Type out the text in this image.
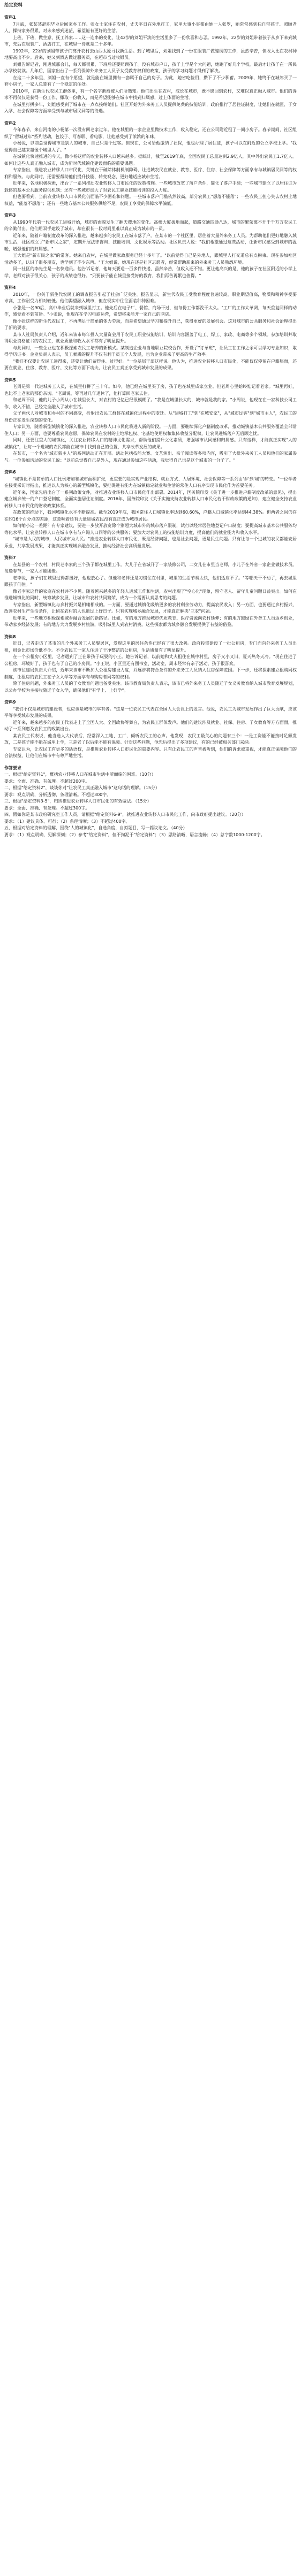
给定资料
资料1

7月底，张某某辞职毕业后回家乡工作。张女士家住在农村，丈夫平日在外地打工，家里大事小事都由她一人张罗，她常常感到独自带孩子、照顾老人、操持家务很累，对未来感到迷茫，希望能有更好的生活。

上班，下班，做生意，抚工养家……这一连串的变化，让42岁的刘姐平淡的生活里多了一份欣喜和忐忑。1992年，22岁的刘姐带着孩子从乡下来到城市，先后在服装厂、酒店打工，在城里一待就是二十多年。

1992年，22岁的刘姐带孩子们离开农村去山西太原寻找新生活。到了城里后，刘姐找到了一份在服装厂做缝纫的工作，虽然辛苦，但收入比在农村种地要高出不少。后来，她又到酒店做过服务员，在超市当过收银员。

刘姐告诉记者，刚进城那会儿，每天都很累，下班后还要照顾孩子。没有城市户口，孩子上学是个大问题，她跑了好几个学校，最后才让孩子在一所民办学校就读。几年后，国家出台了一系列保障外来务工人员子女受教育权利的政策，孩子的学习问题才得到了解决。

在这二十多年里，刘姐一直有个愿望，就是能在城里拥有一套属于自己的房子。为此，她省吃俭用，攒下了不少积蓄。2009年，她终于在城郊买了一套小房子，一家人总算有了一个稳定的住处。

2010年，在新生代农民工群体里，有一个名字渐渐被人们所熟知。他们出生在农村，成长在城市，既不愿回到农村，又难以真正融入城市。他们的诉求不再仅仅是获得一份工作、赚取一份收入，而是希望能够在城市中找到归属感，过上体面的生活。

在城里打拼多年，刘姐感受到了城市在一点点接纳她们。社区开始为外来务工人员提供免费的技能培训，政府推行了居住证制度，让她们在就医、子女入学、社会保障等方面享受到与城市居民同等的待遇。

资料2

今年春节，来自河南的小杨第一次没有回老家过年。他在城里的一家企业里做技术工作，收入稳定，还在公司附近租了一间小房子。春节期间，社区组织了"留城过年"系列活动，包饺子、写春联、看电影，让他感受到了浓浓的年味。

小杨说，以前总觉得城市是别人的城市，自己只是个过客。但现在，公司给他缴纳了社保，他也办理了居住证，孩子可以在附近的公立学校上学。"我觉得自己越来越像个城里人了。"

在城镇化快速推进的今天，像小杨这样的农业转移人口越来越多。据统计，截至2019年底，全国农民工总量达到2.9亿人，其中外出农民工1.7亿人。如何让这些人真正融入城市，成为新时代城镇化建设面临的重要课题。

专家指出，推进农业转移人口市民化，关键在于破除体制机制障碍，让进城农民在就业、教育、医疗、住房、社会保障等方面享有与城镇居民同等的权利和服务。与此同时，还需要帮助他们提升技能、转变观念，更好地适应城市生活。

近年来，各地积极探索，出台了一系列推动农业转移人口市民化的政策措施。一些城市放宽了落户条件，简化了落户手续；一些城市建立了以居住证为载体的基本公共服务提供机制；还有一些城市加大了对农民工职业技能培训的投入力度。

但也要看到，当前农业转移人口市民化仍面临不少困难和问题。一些城市落户门槛依然较高，部分农民工"想落不能落"；一些农民工担心失去农村土地权益，"能落不想落"；还有一些地方基本公共服务供给不足，农民工享受的保障水平偏低。

资料3

从1990年代第一代农民工进城开始，城市的面貌发生了翻天覆地的变化。高楼大厦拔地而起，道路交通四通八达，城市的繁荣离不开千千万万农民工的辛勤付出。他们用双手建设了城市，却在很长一段时间里难以真正成为城市的一员。

近年来，随着户籍制度改革的深入推进，越来越多的农民工在城市落了户。在某市的一个社区里，居住着大量外来务工人员。为帮助他们更好地融入城市生活，社区成立了"新市民之家"，定期开展法律咨询、技能培训、文化娱乐等活动。社区负责人说："我们希望通过这些活动，让新市民感受到城市的温暖，增强他们的归属感。"

王大姐是"新市民之家"的常客。她来自农村，在城里做家政服务已经十多年了。"以前觉得自己是外地人，跟城里人打交道总有点拘束。现在参加社区活动多了，认识了很多朋友，也学到了不少东西。"王大姐说，她现在还是社区志愿者，经常帮助新来的外来务工人员熟悉环境。

同一社区的李先生是一名快递员。他告诉记者，他每天要送一百多件快递，虽然辛苦，但收入还不错。更让他高兴的是，他的孩子在社区附近的小学上学，老师对孩子很关心，孩子的成绩也很好。"只要孩子能在城里接受好的教育，我们再苦再累也值得。"

资料4

2010年，一份关于新生代农民工的调查报告引起了社会广泛关注。报告显示，新生代农民工受教育程度普遍较高，职业期望值高，物质和精神享受要求高，工作耐受力相对较低。他们渴望融入城市，但在现实中往往面临种种困难。

小张是一名90后，高中毕业后就来到城里打工。他先后在电子厂、餐馆、商场干过，但每份工作都没干太久。"工厂的工作太单调，每天重复同样的动作，感觉看不到前途。"小张说，他现在在学习电商运营，希望将来能开一家自己的网店。

像小张这样的新生代农民工，不再满足于简单的体力劳动，而是希望通过学习和提升自己，获得更好的发展机会。这对城市的公共服务和社会治理提出了新的要求。

某市人社局负责人介绍，近年来该市每年投入大量资金用于农民工职业技能培训，培训内容涵盖了电工、焊工、家政、电商等多个领域。参加培训并取得职业资格证书的农民工，就业质量和收入水平都有了明显提升。

与此同时，一些企业也在积极探索农民工培养的新模式。某制造企业与当地职业院校合作，开设了"订单班"，让员工在工作之余可以学习专业知识，取得学历证书。企业负责人表示，员工素质的提升不仅有利于员工个人发展，也为企业带来了更高的生产效率。

"我们不仅要让农民工进得来，还要让他们留得住、过得好。"一位基层干部这样说。他认为，推进农业转移人口市民化，不能仅仅停留在户籍层面，还要在就业、住房、教育、医疗、文化等方面下功夫，让农民工真正享受到城市发展的成果。

资料5

老周是第一代进城务工人员，在城里打拼了三十年。如今，他已经在城里买了房，孩子也在城里成家立业。但老周心里始终惦记着老家。"城里再好，也比不上老家的那份亲切。"老周说，等再过几年退休了，他打算回老家去住。

和老周不同，他的儿子小周从小在城里长大，对农村的记忆已经很模糊了。"我是在城里长大的，城市就是我的家。"小周说，他现在在一家科技公司工作，收入不错，已经完全融入了城市生活。

父子两代人对城市和乡村的不同感受，折射出农民工群体在城镇化进程中的变迁。从"进城打工"到"在城安家"，从"城市过客"到"城市主人"，农民工的身份正在发生深刻的变化。

专家认为，随着新型城镇化的深入推进，农业转移人口市民化将进入新的阶段。一方面，要继续深化户籍制度改革，推动城镇基本公共服务覆盖全部常住人口；另一方面，也要尊重农民意愿，保障农民在农村的土地承包权、宅基地使用权和集体收益分配权，让农民进城落户无后顾之忧。

同时，还要注重人的城镇化，关注农业转移人口的精神文化需求，帮助他们提升文化素质，增强城市认同感和归属感。只有这样，才能真正实现"人的城镇化"，让每一个进城的农民都能在城市中找到自己的位置，共享改革发展的成果。

在某市，一个名为"城市新主人"的系列活动正在开展。活动包括技能大赛、文艺演出、亲子阅读等多项内容，吸引了大批外来务工人员和他们的家属参与。一位参加活动的农民工说："以前总觉得自己是外人，现在通过参加这些活动，我觉得自己也是这个城市的一分子了。"

资料6

"城镇化不是简单的人口比例增加和城市面积扩张，更重要的是实现产业结构、就业方式、人居环境、社会保障等一系列由'乡'到'城'的转变。"一位学者在接受采访时指出，推进以人为核心的新型城镇化，要把促进有能力在城镇稳定就业和生活的常住人口有序实现市民化作为首要任务。

近年来，国家先后出台了一系列政策文件，对推进农业转移人口市民化作出部署。2014年，国务院印发《关于进一步推进户籍制度改革的意见》，提出建立城乡统一的户口登记制度，全面实施居住证制度。2016年，国务院印发《关于实施支持农业转移人口市民化若干财政政策的通知》，建立健全支持农业转移人口市民化的财政政策体系。

在政策的推动下，我国城镇化水平不断提高。截至2019年底，我国常住人口城镇化率达到60.60%，户籍人口城镇化率达到44.38%。但两者之间仍存在约16个百分点的差距，这意味着还有大量进城农民没有真正成为城市居民。

如何缩小这一差距？有专家建议，要进一步放开放宽除个别超大城市外的城市落户限制，试行以经常居住地登记户口制度；要提高城市基本公共服务均等化水平，让农业转移人口在城市享有与户籍人口同等的公共服务；要加大对农民工的技能培训力度，提高他们的就业能力和收入水平。

"城市是人民的城市，人民城市为人民。"推进农业转移人口市民化，既是经济问题，也是社会问题，更是民生问题。只有让每一个进城的农民都能安居乐业，共享发展成果，才能真正实现城乡融合发展，推动经济社会高质量发展。

资料7

在某县的一个农村，村民老李家的三个孩子都在城里工作。大儿子在省城开了一家装修公司，二女儿在市里当老师，小儿子在外省一家企业做技术员。每逢春节，一家人才能团聚。

老李说，孩子们在城里过得都挺好，他也放心了。但他和老伴还是习惯住在村里，城里的生活节奏太快，他们适应不了。"等哪天干不动了，再去城里跟孩子们住。"

像老李家这样的家庭在农村并不少见。随着越来越多的年轻人进城工作和生活，农村出现了"空心化"现象，留守老人、留守儿童问题日益突出。如何在推进城镇化的同时，统筹城乡发展，让城市和农村共同繁荣，成为一个需要认真思考的问题。

专家指出，新型城镇化与乡村振兴是相辅相成的。一方面，要通过城镇化吸纳更多的农村剩余劳动力，提高农民收入；另一方面，也要通过乡村振兴，改善农村生产生活条件，让留在农村的人也能过上好日子。只有实现城乡融合发展，才能真正解决"三农"问题。

近年来，一些地方积极探索城乡融合发展的新路径。比如，有的地方推动城市优质教育、医疗资源向农村延伸；有的地方鼓励在外务工人员返乡创业，带动家乡经济发展；有的地方大力发展乡村旅游，吸引城里人到农村消费。这些探索都为城乡融合发展提供了有益的借鉴。

资料8

近日，记者走访了某市的几个外来务工人员聚居区，发现这里的居住条件已经有了很大改善。政府投资建设了一批公租房，专门面向外来务工人员出租，租金比市场价低不少。不少农民工一家人住进了干净整洁的公租房，生活质量有了明显提升。

在一个公租房小区里，记者遇到了正在带孩子玩耍的小王。她告诉记者，以前她和丈夫租住在城中村里，房子又小又旧，夏天热冬天冷。"现在住进了公租房，环境好了，孩子也有了自己的小房间。"小王说，小区里还有图书室、活动室，周末经常有亲子活动，孩子很喜欢。

该市住建局负责人介绍，近年来该市不断加大公租房建设力度，并逐步将符合条件的外来务工人员纳入住房保障范围。下一步，还将探索建立租购同权制度，让租房的农民工在子女入学等方面享有与购房者同等的权利。

除了住房问题，外来务工人员的子女教育问题也备受关注。该市教育局负责人表示，该市已将外来务工人员随迁子女义务教育纳入城市教育发展规划，以公办学校为主接收随迁子女入学，确保他们"有学上、上好学"。

资料9

"我们不仅是城市的建设者，也应该是城市的享有者。"这是一位农民工代表在全国人大会议上的发言。他说，农民工为城市发展作出了巨大贡献，应该平等享受城市发展的成果。

近年来，越来越多的农民工代表走上了全国人大、全国政协等舞台，为农民工群体发声。他们的建议涉及就业、社保、住房、子女教育等方方面面，推动了一系列惠及农民工的政策出台。

某农民工代表说，他当选人大代表后，经常深入工地、工厂，倾听农民工的心声。他发现，农民工最关心的问题有三个：一是工资能不能按时足额发放，二是孩子能不能在城里上学，三是老了以后能不能有保障。针对这些问题，他先后提出了多项建议，有的已经被相关部门采纳。

专家认为，让农民工有更多的话语权，是推进农业转移人口市民化的重要内容。只有让农民工的声音被听到，他们的诉求被重视，才能真正保障他们的合法权益，让他们在城市中有尊严地生活。

作答要求

一、根据"给定资料1"，概括农业转移人口在城市生活中所面临的困难。（10分）

要求：全面、准确、有条理。不超过200字。

二、根据"给定资料2"，谈谈你对"让农民工真正融入城市"这句话的理解。（15分）

要求：观点明确，分析透彻，条理清晰。不超过300字。

三、根据"给定资料3-5"，归纳推进农业转移人口市民化的有效做法。（15分）

要求：全面、准确、有条理。不超过300字。

四、假如你是某市政府研究室工作人员，请根据"给定资料6-9"，就推进农业转移人口市民化工作，向市政府提出建议。（20分）

要求：（1）建议具体、可行；（2）条理清晰；（3）不超过400字。

五、根据对给定资料的理解，围绕"人的城镇化"，自选角度，自拟题目，写一篇议论文。（40分）

要求：（1）观点明确，见解深刻；（2）参考"给定资料"，但不拘泥于"给定资料"；（3）思路清晰，语言流畅；（4）总字数1000-1200字。
